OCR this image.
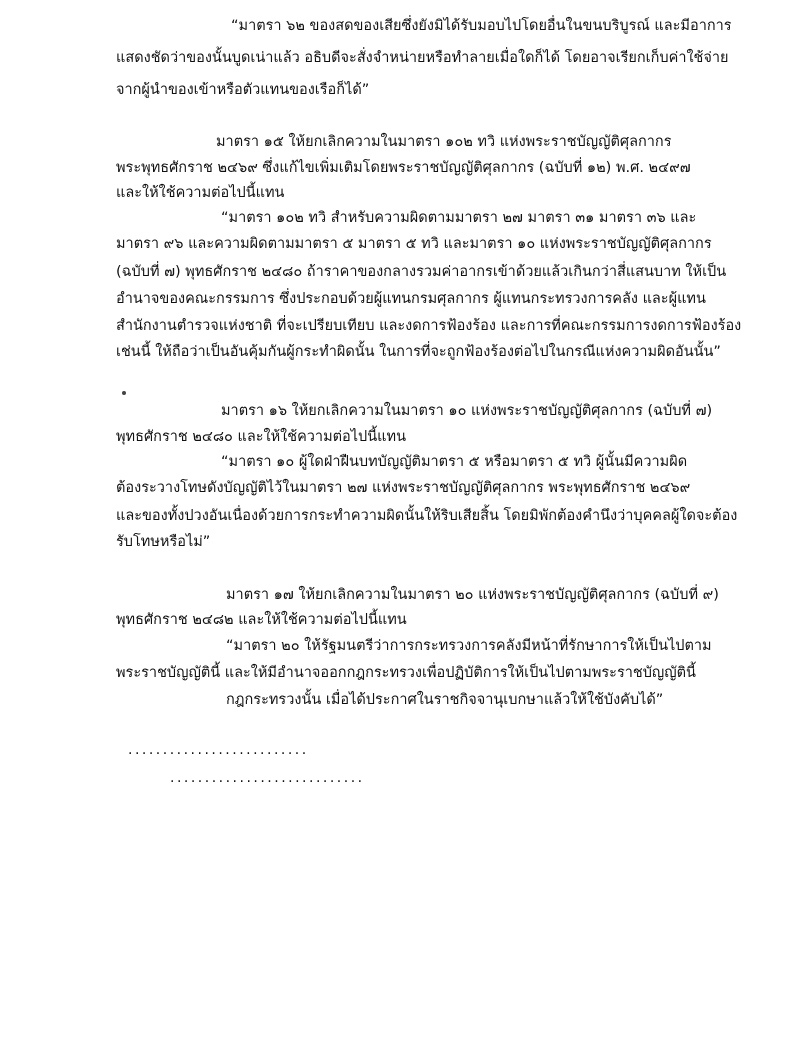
“มาตรา ๖๒ ของสดของเสียซึ่งยังมิได้รับมอบไปโดยอื่นในขนบริบูรณ์ และมีอาการ
แสดงชัดว่าของนั้นบูดเน่าแล้ว อธิบดีจะสั่งจำหน่ายหรือทำลายเมื่อใดก็ได้ โดยอาจเรียกเก็บค่าใช้จ่าย
จากผู้นำของเข้าหรือตัวแทนของเรือก็ได้”
มาตรา ๑๕ ให้ยกเลิกความในมาตรา ๑๐๒ ทวิ แห่งพระราชบัญญัติศุลกากร
พระพุทธศักราช ๒๔๖๙ ซึ่งแก้ไขเพิ่มเติมโดยพระราชบัญญัติศุลกากร (ฉบับที่ ๑๒) พ.ศ. ๒๔๙๗
และให้ใช้ความต่อไปนี้แทน
“มาตรา ๑๐๒ ทวิ สำหรับความผิดตามมาตรา ๒๗ มาตรา ๓๑ มาตรา ๓๖ และ
มาตรา ๙๖ และความผิดตามมาตรา ๕ มาตรา ๕ ทวิ และมาตรา ๑๐ แห่งพระราชบัญญัติศุลกากร
(ฉบับที่ ๗) พุทธศักราช ๒๔๘๐ ถ้าราคาของกลางรวมค่าอากรเข้าด้วยแล้วเกินกว่าสี่แสนบาท ให้เป็น
อำนาจของคณะกรรมการ ซึ่งประกอบด้วยผู้แทนกรมศุลกากร ผู้แทนกระทรวงการคลัง และผู้แทน
สำนักงานตำรวจแห่งชาติ ที่จะเปรียบเทียบ และงดการฟ้องร้อง และการที่คณะกรรมการงดการฟ้องร้อง
เช่นนี้ ให้ถือว่าเป็นอันคุ้มกันผู้กระทำผิดนั้น ในการที่จะถูกฟ้องร้องต่อไปในกรณีแห่งความผิดอันนั้น”
มาตรา ๑๖ ให้ยกเลิกความในมาตรา ๑๐ แห่งพระราชบัญญัติศุลกากร (ฉบับที่ ๗)
พุทธศักราช ๒๔๘๐ และให้ใช้ความต่อไปนี้แทน
“มาตรา ๑๐ ผู้ใดฝ่าฝืนบทบัญญัติมาตรา ๕ หรือมาตรา ๕ ทวิ ผู้นั้นมีความผิด
ต้องระวางโทษดังบัญญัติไว้ในมาตรา ๒๗ แห่งพระราชบัญญัติศุลกากร พระพุทธศักราช ๒๔๖๙
และของทั้งปวงอันเนื่องด้วยการกระทำความผิดนั้นให้ริบเสียสิ้น โดยมิพักต้องคำนึงว่าบุคคลผู้ใดจะต้อง
รับโทษหรือไม่”
มาตรา ๑๗ ให้ยกเลิกความในมาตรา ๒๐ แห่งพระราชบัญญัติศุลกากร (ฉบับที่ ๙)
พุทธศักราช ๒๔๘๒ และให้ใช้ความต่อไปนี้แทน
“มาตรา ๒๐ ให้รัฐมนตรีว่าการกระทรวงการคลังมีหน้าที่รักษาการให้เป็นไปตาม
พระราชบัญญัตินี้ และให้มีอำนาจออกกฎกระทรวงเพื่อปฏิบัติการให้เป็นไปตามพระราชบัญญัตินี้
กฎกระทรวงนั้น เมื่อได้ประกาศในราชกิจจานุเบกษาแล้วให้ใช้บังคับได้”
..........................
............................
